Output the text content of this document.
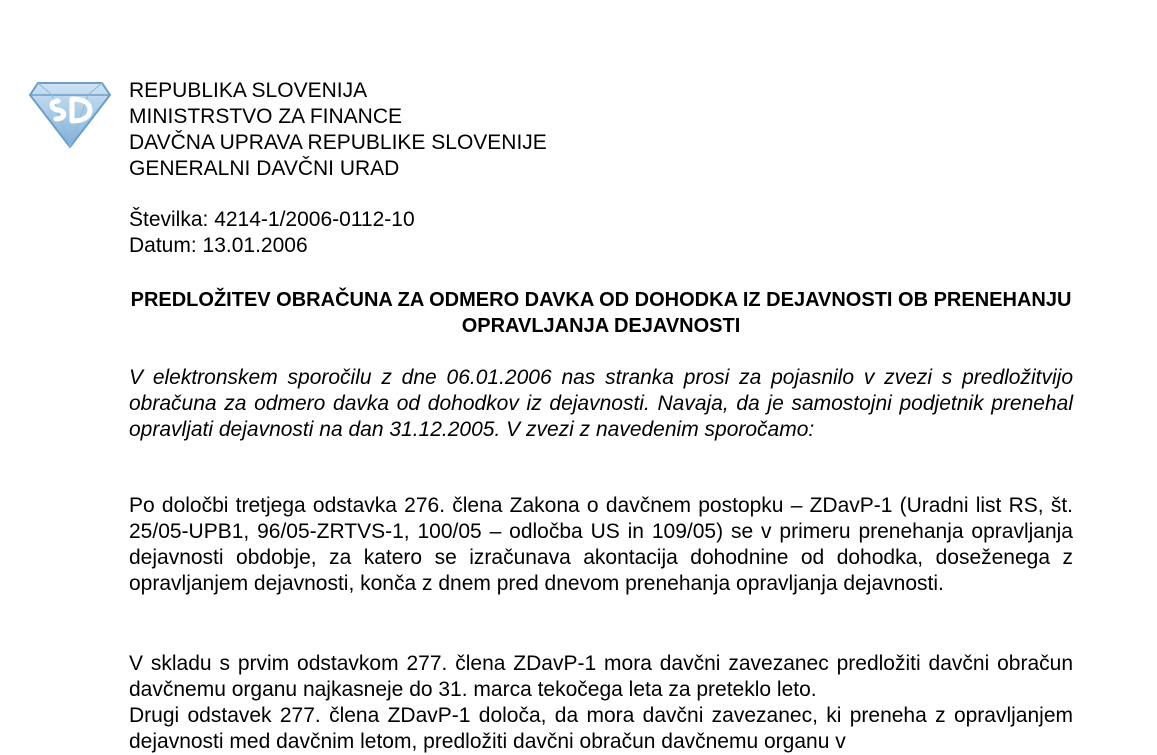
REPUBLIKA SLOVENIJA
MINISTRSTVO ZA FINANCE
DAVČNA UPRAVA REPUBLIKE SLOVENIJE
GENERALNI DAVČNI URAD
Številka: 4214-1/2006-0112-10
Datum: 13.01.2006
PREDLOŽITEV OBRAČUNA ZA ODMERO DAVKA OD DOHODKA IZ DEJAVNOSTI OB PRENEHANJU OPRAVLJANJA DEJAVNOSTI
V elektronskem sporočilu z dne 06.01.2006 nas stranka prosi za pojasnilo v zvezi s predložitvijo obračuna za odmero davka od dohodkov iz dejavnosti. Navaja, da je samostojni podjetnik prenehal opravljati dejavnosti na dan 31.12.2005. V zvezi z navedenim sporočamo:
Po določbi tretjega odstavka 276. člena Zakona o davčnem postopku – ZDavP-1 (Uradni list RS, št. 25/05-UPB1, 96/05-ZRTVS-1, 100/05 – odločba US in 109/05) se v primeru prenehanja opravljanja dejavnosti obdobje, za katero se izračunava akontacija dohodnine od dohodka, doseženega z opravljanjem dejavnosti, konča z dnem pred dnevom prenehanja opravljanja dejavnosti.
V skladu s prvim odstavkom 277. člena ZDavP-1 mora davčni zavezanec predložiti davčni obračun davčnemu organu najkasneje do 31. marca tekočega leta za preteklo leto.
Drugi odstavek 277. člena ZDavP-1 določa, da mora davčni zavezanec, ki preneha z opravljanjem dejavnosti med davčnim letom, predložiti davčni obračun davčnemu organu v
